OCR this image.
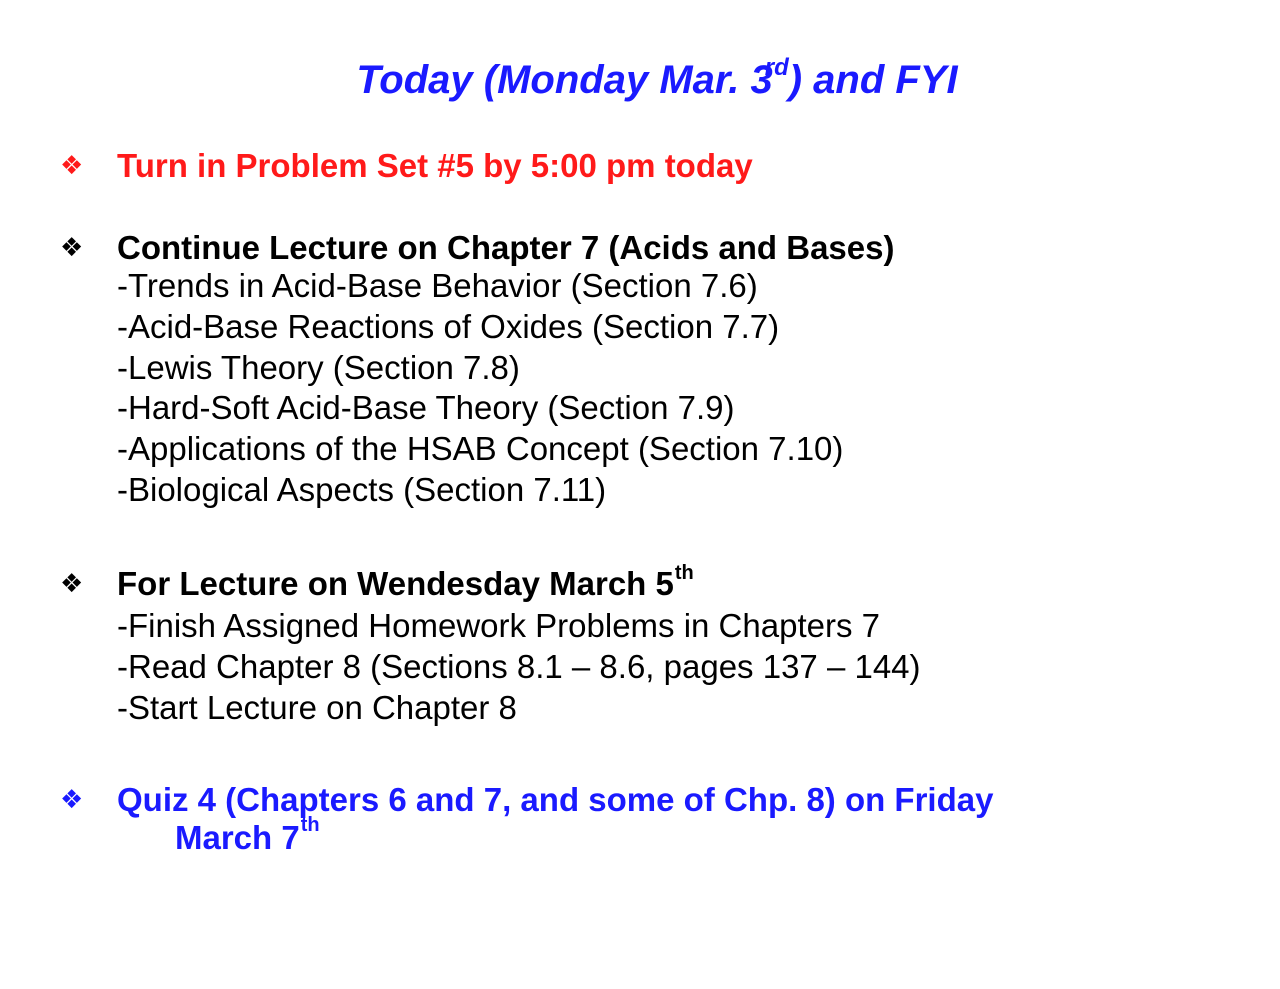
Today (Monday Mar. 3rd) and FYI
❖ Turn in Problem Set #5 by 5:00 pm today
❖ Continue Lecture on Chapter 7 (Acids and Bases)
-Trends in Acid-Base Behavior (Section 7.6)
-Acid-Base Reactions of Oxides (Section 7.7)
-Lewis Theory (Section 7.8)
-Hard-Soft Acid-Base Theory (Section 7.9)
-Applications of the HSAB Concept (Section 7.10)
-Biological Aspects (Section 7.11)
❖ For Lecture on Wendesday March 5th
-Finish Assigned Homework Problems in Chapters 7
-Read Chapter 8 (Sections 8.1 – 8.6, pages 137 – 144)
-Start Lecture on Chapter 8
❖ Quiz 4 (Chapters 6 and 7, and some of Chp. 8) on Friday
March 7th
